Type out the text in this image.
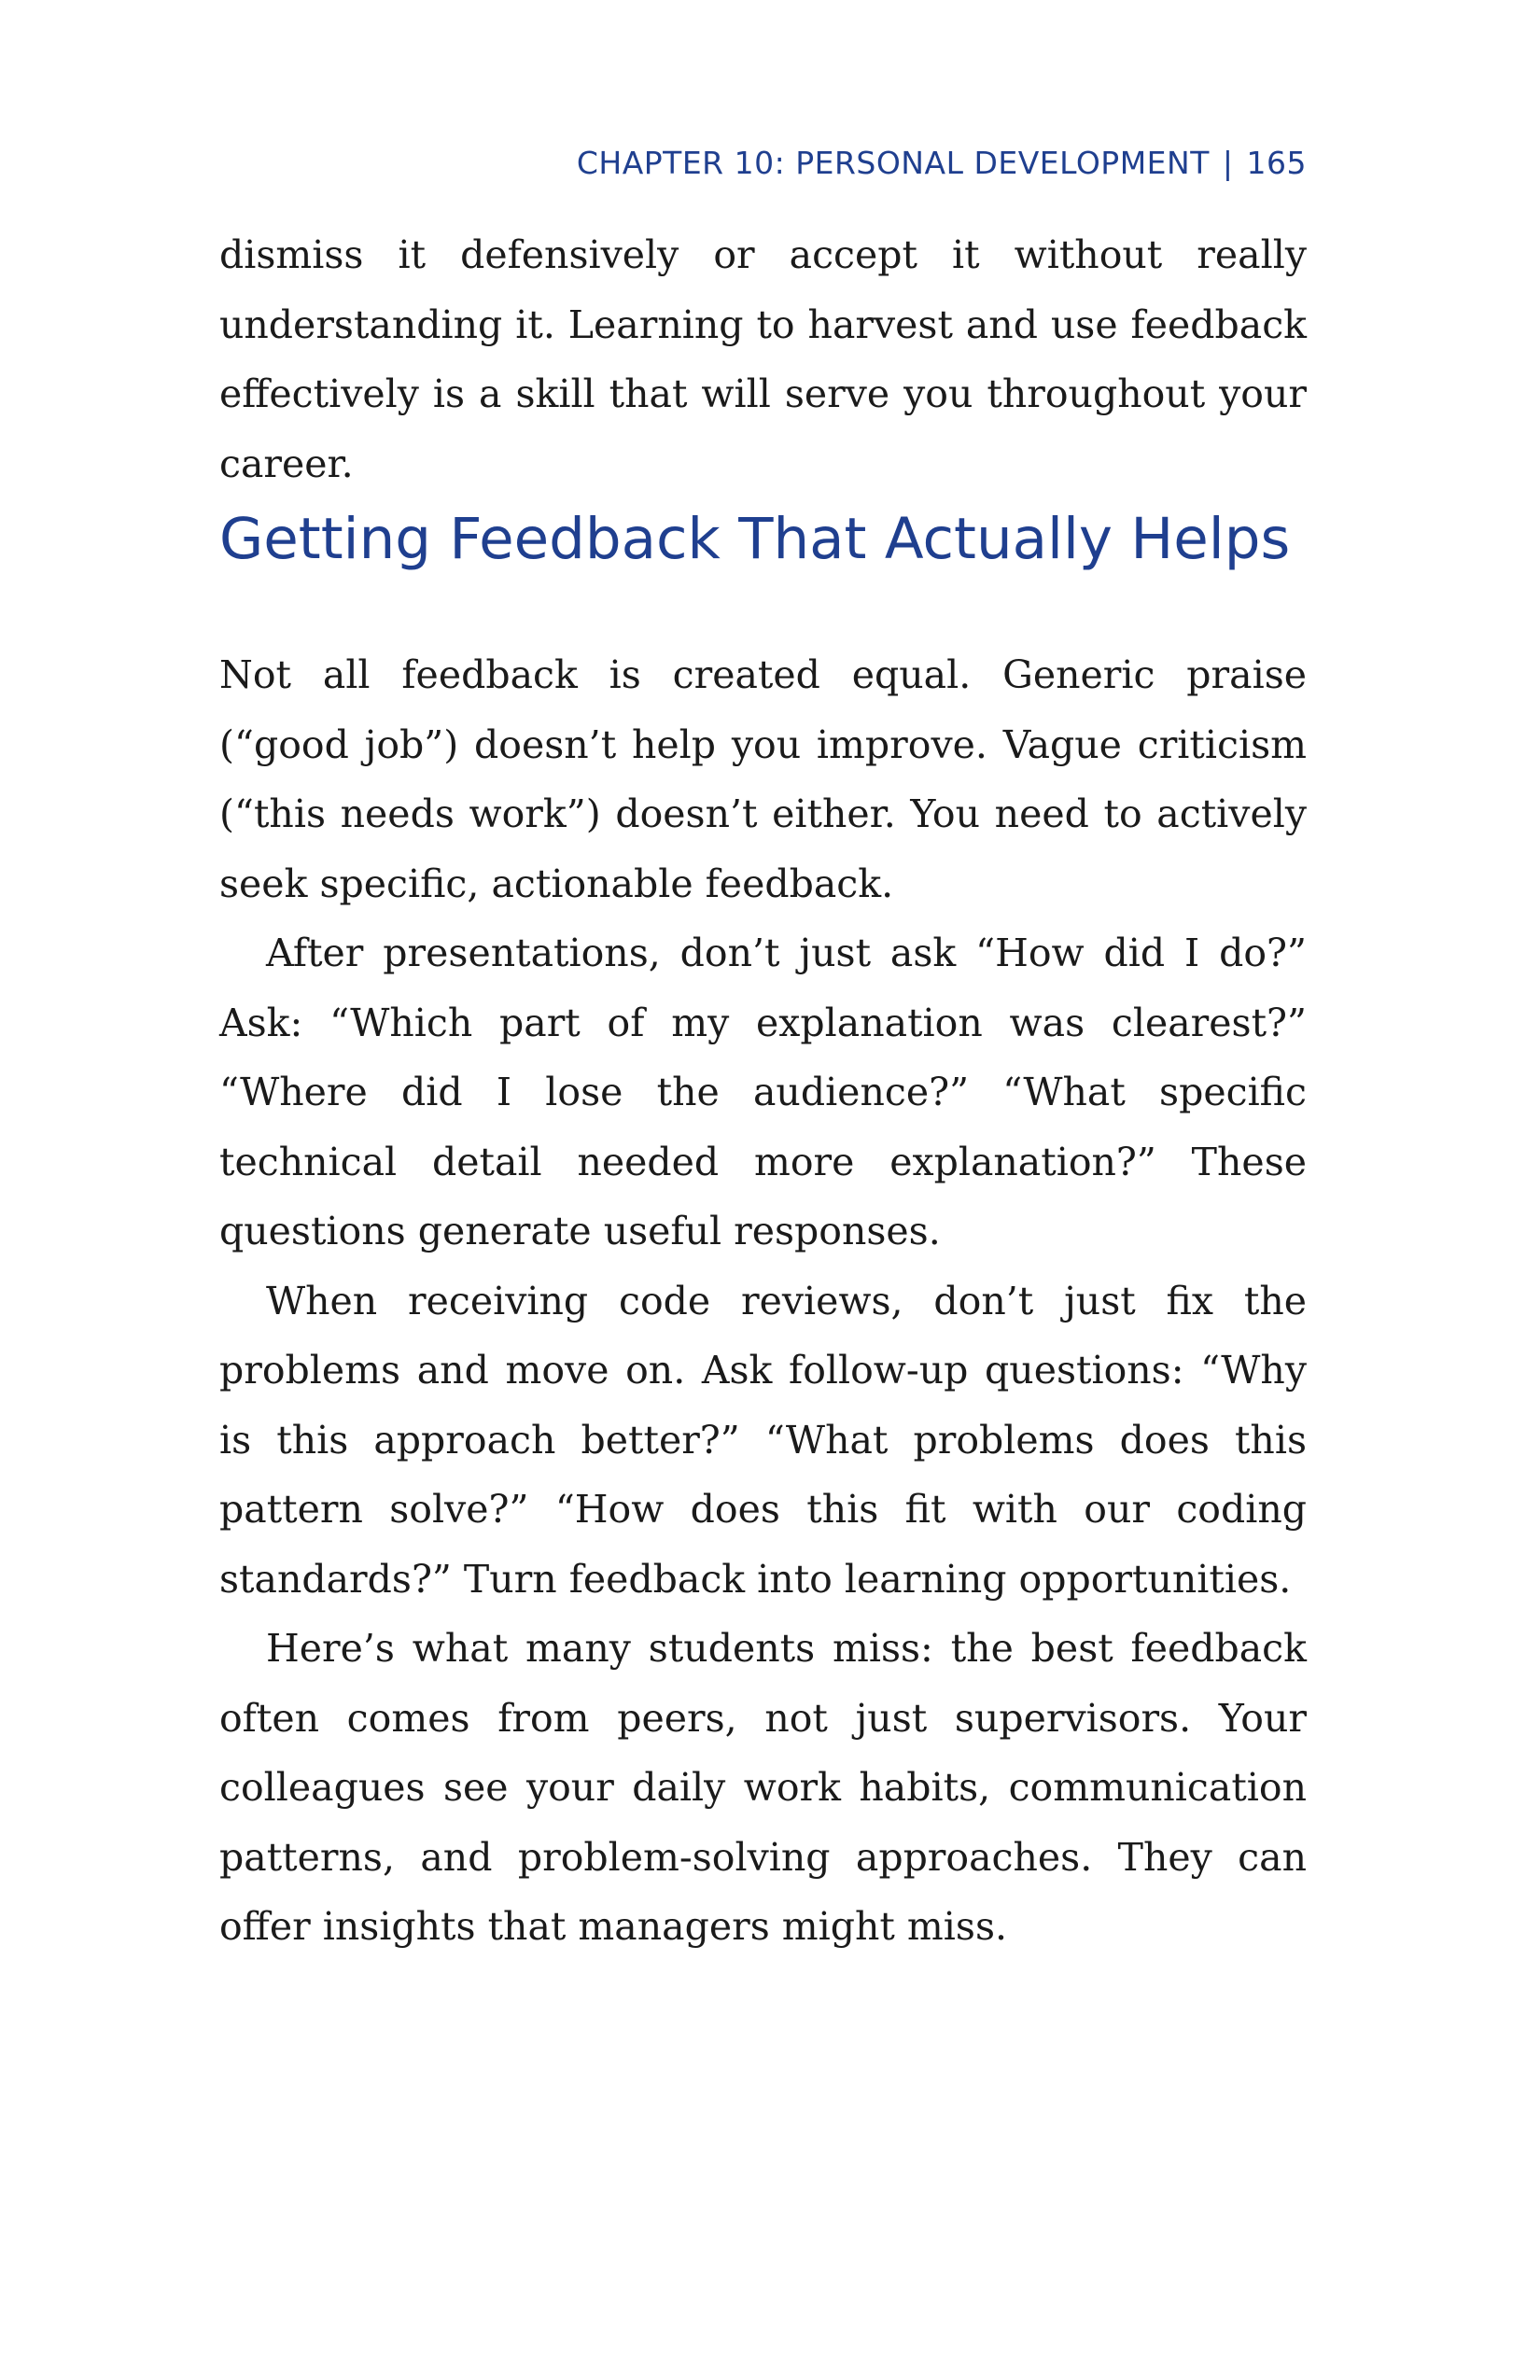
CHAPTER 10: PERSONAL DEVELOPMENT | 165

dismiss it defensively or accept it without really understanding it. Learning to harvest and use feedback effectively is a skill that will serve you throughout your career.

Getting Feedback That Actually Helps

Not all feedback is created equal. Generic praise (“good job”) doesn’t help you improve. Vague criticism (“this needs work”) doesn’t either. You need to actively seek specific, actionable feedback.

After presentations, don’t just ask “How did I do?” Ask: “Which part of my explanation was clearest?” “Where did I lose the audience?” “What specific technical detail needed more explanation?” These questions generate useful responses.

When receiving code reviews, don’t just fix the problems and move on. Ask follow-up questions: “Why is this approach better?” “What problems does this pattern solve?” “How does this fit with our coding standards?” Turn feedback into learning opportunities.

Here’s what many students miss: the best feedback often comes from peers, not just supervisors. Your colleagues see your daily work habits, communication patterns, and problem-solving approaches. They can offer insights that managers might miss.
